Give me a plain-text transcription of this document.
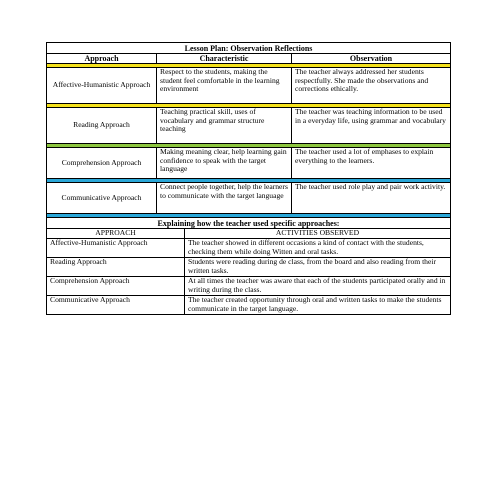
Lesson Plan: Observation Reflections		
Approach	Characteristic	Observation

Affective-Humanistic Approach	Respect to the students, making the student feel comfortable in the learning environment	The teacher always addressed her students respectfully. She made the observations and corrections ethically.

Reading Approach	Teaching practical skill, uses of vocabulary and grammar structure teaching	The teacher was teaching information to be used in a everyday life, using grammar and vocabulary

Comprehension Approach	Making meaning clear, help learning gain confidence to speak with the target language	The teacher used a lot of emphases to explain everything to the learners.

Communicative Approach	Connect people together, help the learners to communicate with the target language	The teacher used role play and pair work activity.

Explaining how the teacher used specific approaches:	
APPROACH	ACTIVITIES OBSERVED
Affective-Humanistic Approach	The teacher showed in different occasions a kind of contact with the students, checking them while doing Witten and oral tasks.
Reading Approach	Students were reading during de class, from the board and also reading from their written tasks.
Comprehension Approach	At all times the teacher was aware that each of the students participated orally and in writing during the class.
Communicative Approach	The teacher created opportunity through oral and written tasks to make the students communicate in the target language.
